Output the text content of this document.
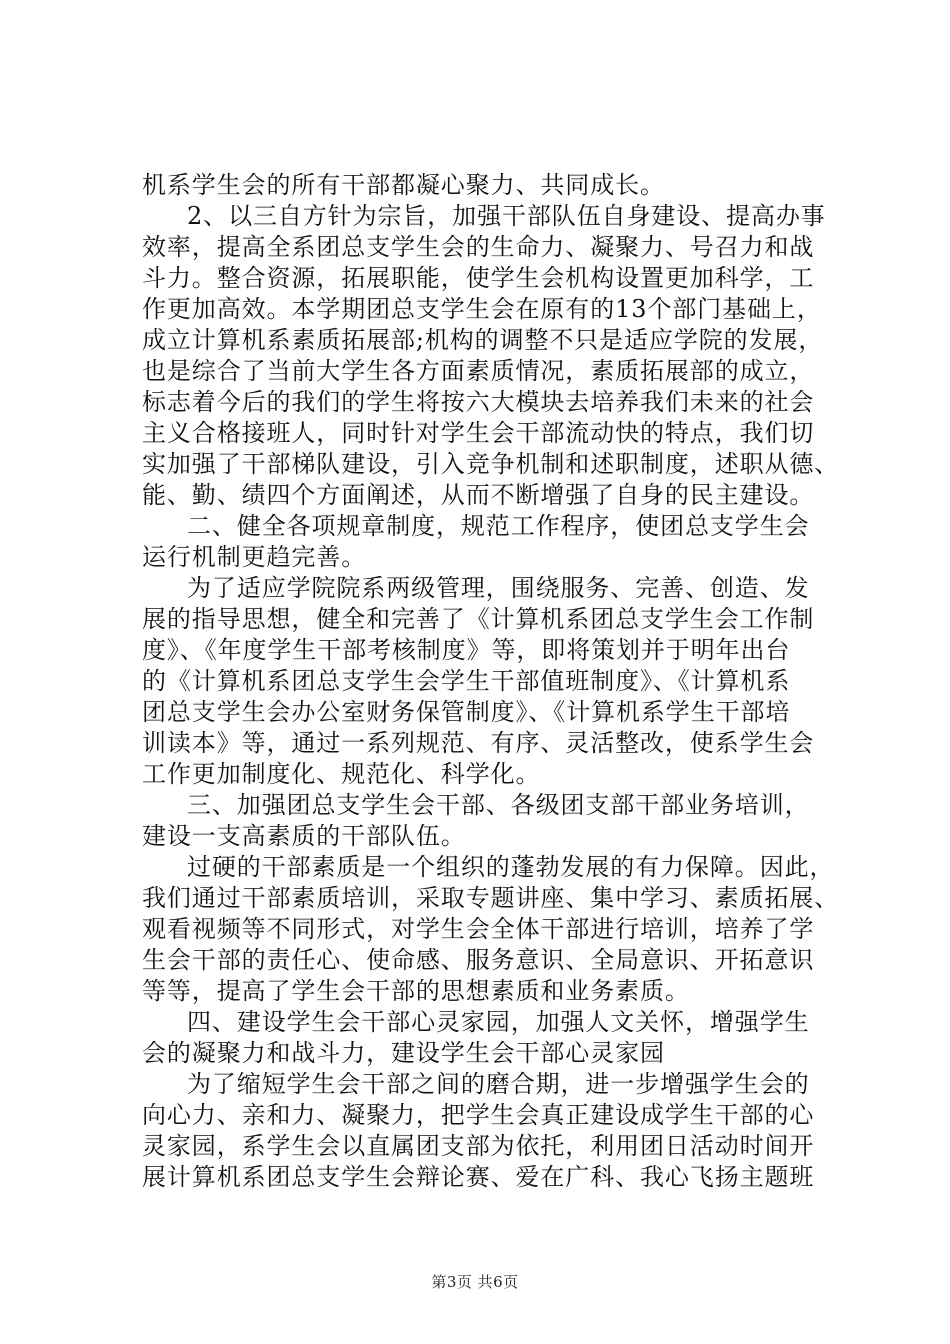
机系学生会的所有干部都凝心聚力、共同成长。
2、以三自方针为宗旨，加强干部队伍自身建设、提高办事
效率，提高全系团总支学生会的生命力、凝聚力、号召力和战
斗力。整合资源，拓展职能，使学生会机构设置更加科学，工
作更加高效。本学期团总支学生会在原有的13个部门基础上，
成立计算机系素质拓展部;机构的调整不只是适应学院的发展，
也是综合了当前大学生各方面素质情况，素质拓展部的成立，
标志着今后的我们的学生将按六大模块去培养我们未来的社会
主义合格接班人，同时针对学生会干部流动快的特点，我们切
实加强了干部梯队建设，引入竞争机制和述职制度，述职从德、
能、勤、绩四个方面阐述，从而不断增强了自身的民主建设。
二、健全各项规章制度，规范工作程序，使团总支学生会
运行机制更趋完善。
为了适应学院院系两级管理，围绕服务、完善、创造、发
展的指导思想，健全和完善了《计算机系团总支学生会工作制
度》、《年度学生干部考核制度》等，即将策划并于明年出台
的《计算机系团总支学生会学生干部值班制度》、《计算机系
团总支学生会办公室财务保管制度》、《计算机系学生干部培
训读本》等，通过一系列规范、有序、灵活整改，使系学生会
工作更加制度化、规范化、科学化。
三、加强团总支学生会干部、各级团支部干部业务培训，
建设一支高素质的干部队伍。
过硬的干部素质是一个组织的蓬勃发展的有力保障。因此，
我们通过干部素质培训，采取专题讲座、集中学习、素质拓展、
观看视频等不同形式，对学生会全体干部进行培训，培养了学
生会干部的责任心、使命感、服务意识、全局意识、开拓意识
等等，提高了学生会干部的思想素质和业务素质。
四、建设学生会干部心灵家园，加强人文关怀，增强学生
会的凝聚力和战斗力，建设学生会干部心灵家园
为了缩短学生会干部之间的磨合期，进一步增强学生会的
向心力、亲和力、凝聚力，把学生会真正建设成学生干部的心
灵家园，系学生会以直属团支部为依托，利用团日活动时间开
展计算机系团总支学生会辩论赛、爱在广科、我心飞扬主题班
第3页 共6页
